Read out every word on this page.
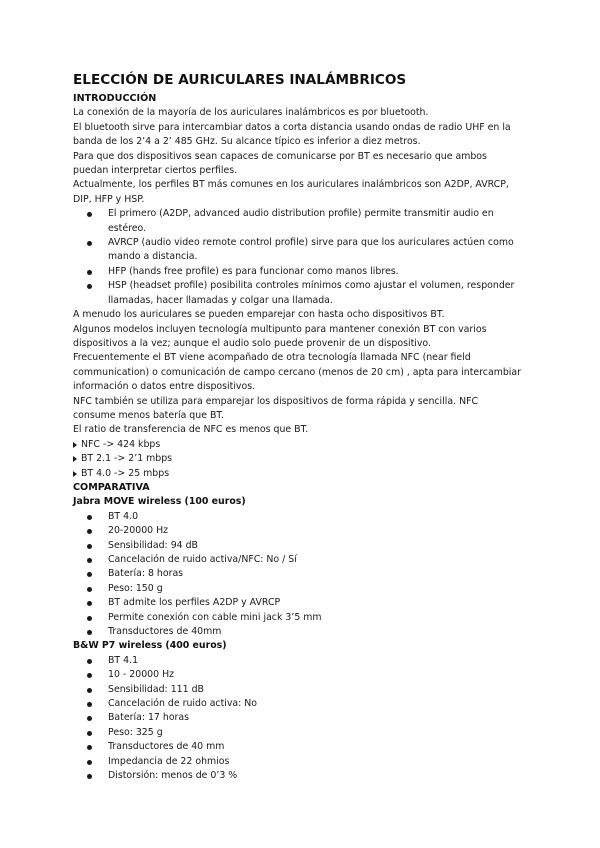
ELECCIÓN DE AURICULARES INALÁMBRICOS
INTRODUCCIÓN

La conexión de la mayoría de los auriculares inalámbricos es por bluetooth.

El bluetooth sirve para intercambiar datos a corta distancia usando ondas de radio UHF en la banda de los 2’4 a 2’ 485 GHz. Su alcance típico es inferior a diez metros.

Para que dos dispositivos sean capaces de comunicarse por BT es necesario que ambos puedan interpretar ciertos perfiles.

Actualmente, los perfiles BT más comunes en los auriculares inalámbricos son A2DP, AVRCP, DIP, HFP y HSP.

El primero (A2DP, advanced audio distribution profile) permite transmitir audio en estéreo.
AVRCP (audio video remote control profile) sirve para que los auriculares actúen como mando a distancia.
HFP (hands free profile) es para funcionar como manos libres.
HSP (headset profile) posibilita controles mínimos como ajustar el volumen, responder llamadas, hacer llamadas y colgar una llamada.

A menudo los auriculares se pueden emparejar con hasta ocho dispositivos BT.

Algunos modelos incluyen tecnología multipunto para mantener conexión BT con varios dispositivos a la vez; aunque el audio solo puede provenir de un dispositivo.

Frecuentemente el BT viene acompañado de otra tecnología llamada NFC (near field communication) o comunicación de campo cercano (menos de 20 cm) , apta para intercambiar información o datos entre dispositivos.

NFC también se utiliza para emparejar los dispositivos de forma rápida y sencilla. NFC consume menos batería que BT.

El ratio de transferencia de NFC es menos que BT.

NFC -> 424 kbps
BT 2.1 -> 2’1 mbps
BT 4.0 -> 25 mbps
COMPARATIVA
Jabra MOVE wireless (100 euros)
BT 4.0
20-20000 Hz
Sensibilidad: 94 dB
Cancelación de ruido activa/NFC: No / Sí
Batería: 8 horas
Peso: 150 g
BT admite los perfiles A2DP y AVRCP
Permite conexión con cable mini jack 3’5 mm
Transductores de 40mm
B&W P7 wireless (400 euros)
BT 4.1
10 - 20000 Hz
Sensibilidad: 111 dB
Cancelación de ruido activa: No
Batería: 17 horas
Peso: 325 g
Transductores de 40 mm
Impedancia de 22 ohmios
Distorsión: menos de 0’3 %
